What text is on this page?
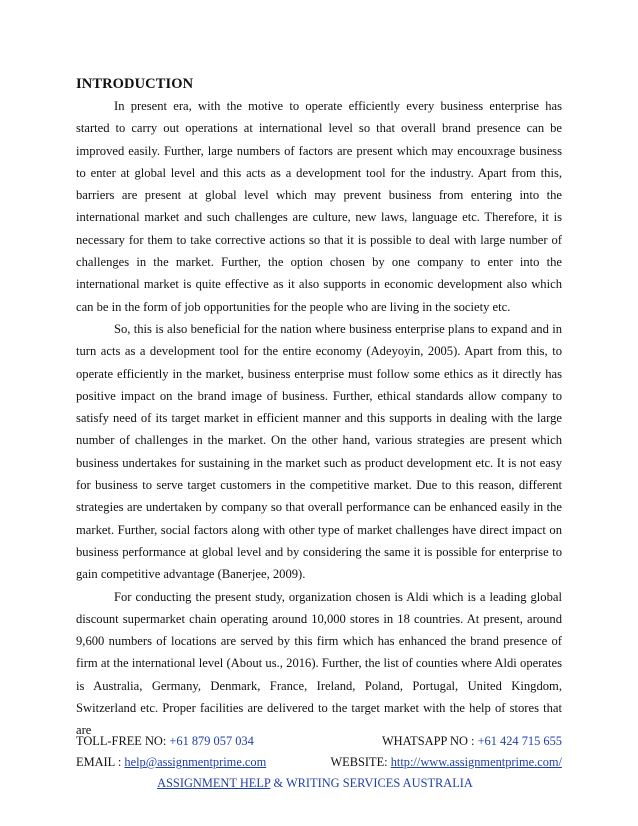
INTRODUCTION

In present era, with the motive to operate efficiently every business enterprise has started to carry out operations at international level so that overall brand presence can be improved easily. Further, large numbers of factors are present which may encouxrage business to enter at global level and this acts as a development tool for the industry. Apart from this, barriers are present at global level which may prevent business from entering into the international market and such challenges are culture, new laws, language etc. Therefore, it is necessary for them to take corrective actions so that it is possible to deal with large number of challenges in the market. Further, the option chosen by one company to enter into the international market is quite effective as it also supports in economic development also which can be in the form of job opportunities for the people who are living in the society etc.

So, this is also beneficial for the nation where business enterprise plans to expand and in turn acts as a development tool for the entire economy (Adeyoyin, 2005). Apart from this, to operate efficiently in the market, business enterprise must follow some ethics as it directly has positive impact on the brand image of business. Further, ethical standards allow company to satisfy need of its target market in efficient manner and this supports in dealing with the large number of challenges in the market. On the other hand, various strategies are present which business undertakes for sustaining in the market such as product development etc. It is not easy for business to serve target customers in the competitive market. Due to this reason, different strategies are undertaken by company so that overall performance can be enhanced easily in the market. Further, social factors along with other type of market challenges have direct impact on business performance at global level and by considering the same it is possible for enterprise to gain competitive advantage (Banerjee, 2009).

For conducting the present study, organization chosen is Aldi which is a leading global discount supermarket chain operating around 10,000 stores in 18 countries. At present, around 9,600 numbers of locations are served by this firm which has enhanced the brand presence of firm at the international level (About us., 2016). Further, the list of counties where Aldi operates is Australia, Germany, Denmark, France, Ireland, Poland, Portugal, United Kingdom, Switzerland etc. Proper facilities are delivered to the target market with the help of stores that are

TOLL-FREE NO: +61 879 057 034	WHATSAPP NO : +61 424 715 655
EMAIL : help@assignmentprime.com	WEBSITE: http://www.assignmentprime.com/
ASSIGNMENT HELP & WRITING SERVICES AUSTRALIA
